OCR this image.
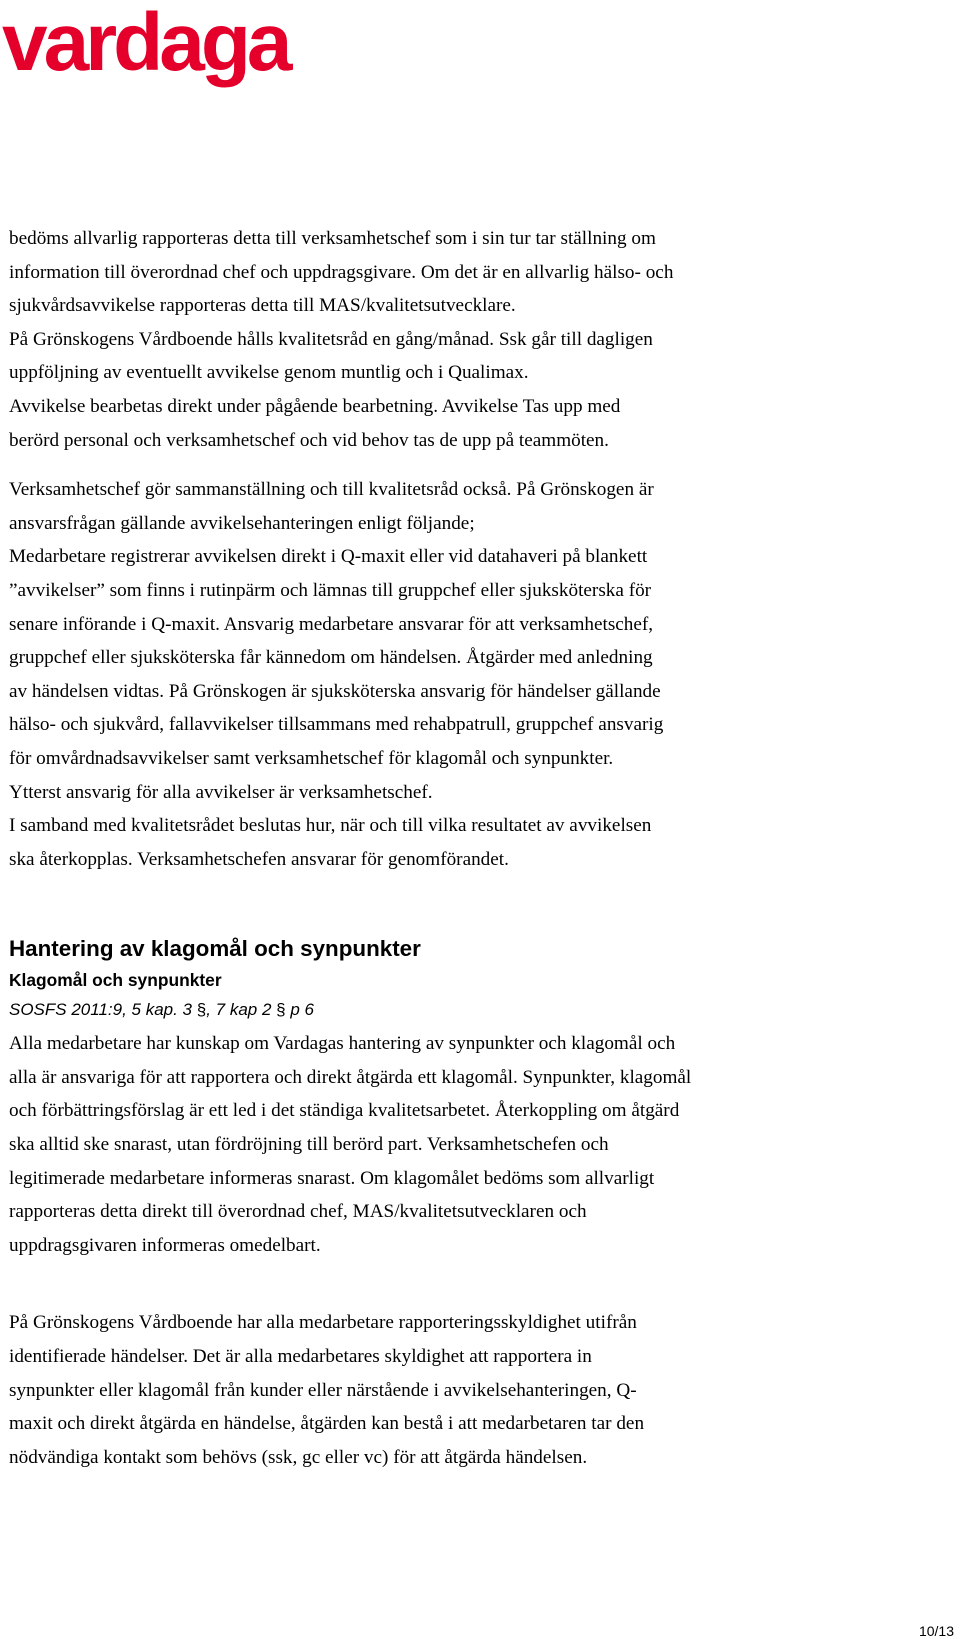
vardaga
bedöms allvarlig rapporteras detta till verksamhetschef som i sin tur tar ställning om
information till överordnad chef och uppdragsgivare. Om det är en allvarlig hälso- och
sjukvårdsavvikelse rapporteras detta till MAS/kvalitetsutvecklare.
På Grönskogens Vårdboende hålls kvalitetsråd en gång/månad. Ssk går till dagligen
uppföljning av eventuellt avvikelse genom muntlig och i Qualimax.
Avvikelse bearbetas direkt under pågående bearbetning. Avvikelse Tas upp med
berörd personal och verksamhetschef och vid behov tas de upp på teammöten.
Verksamhetschef gör sammanställning och till kvalitetsråd också. På Grönskogen är
ansvarsfrågan gällande avvikelsehanteringen enligt följande;
Medarbetare registrerar avvikelsen direkt i Q-maxit eller vid datahaveri på blankett
”avvikelser” som finns i rutinpärm och lämnas till gruppchef eller sjuksköterska för
senare införande i Q-maxit. Ansvarig medarbetare ansvarar för att verksamhetschef,
gruppchef eller sjuksköterska får kännedom om händelsen. Åtgärder med anledning
av händelsen vidtas. På Grönskogen är sjuksköterska ansvarig för händelser gällande
hälso- och sjukvård, fallavvikelser tillsammans med rehabpatrull, gruppchef ansvarig
för omvårdnadsavvikelser samt verksamhetschef för klagomål och synpunkter.
Ytterst ansvarig för alla avvikelser är verksamhetschef.
I samband med kvalitetsrådet beslutas hur, när och till vilka resultatet av avvikelsen
ska återkopplas. Verksamhetschefen ansvarar för genomförandet.
Hantering av klagomål och synpunkter
Klagomål och synpunkter

SOSFS 2011:9, 5 kap. 3 §, 7 kap 2 § p 6

Alla medarbetare har kunskap om Vardagas hantering av synpunkter och klagomål och
alla är ansvariga för att rapportera och direkt åtgärda ett klagomål. Synpunkter, klagomål
och förbättringsförslag är ett led i det ständiga kvalitetsarbetet. Återkoppling om åtgärd
ska alltid ske snarast, utan fördröjning till berörd part. Verksamhetschefen och
legitimerade medarbetare informeras snarast. Om klagomålet bedöms som allvarligt
rapporteras detta direkt till överordnad chef, MAS/kvalitetsutvecklaren och
uppdragsgivaren informeras omedelbart.
På Grönskogens Vårdboende har alla medarbetare rapporteringsskyldighet utifrån
identifierade händelser. Det är alla medarbetares skyldighet att rapportera in
synpunkter eller klagomål från kunder eller närstående i avvikelsehanteringen, Q-
maxit och direkt åtgärda en händelse, åtgärden kan bestå i att medarbetaren tar den
nödvändiga kontakt som behövs (ssk, gc eller vc) för att åtgärda händelsen.
10/13
